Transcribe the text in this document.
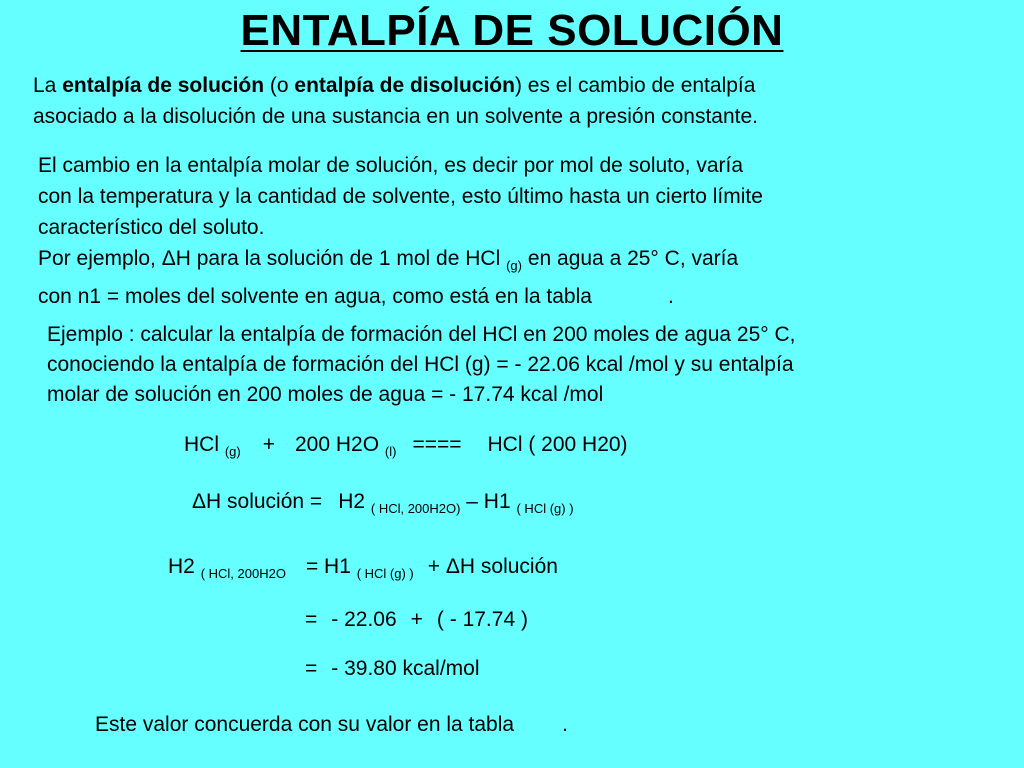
ENTALPÍA DE SOLUCIÓN
La entalpía de solución (o entalpía de disolución) es el cambio de entalpía
asociado a la disolución de una sustancia en un solvente a presión constante.
El cambio en la entalpía molar de solución, es decir por mol de soluto, varía
con la temperatura y la cantidad de solvente, esto último hasta un cierto límite
característico del soluto.
Por ejemplo, ΔH para la solución de 1 mol de HCl $_{(g)}$ en agua a 25° C, varía
con n1 = moles del solvente en agua, como está en la tabla	.
Ejemplo : calcular la entalpía de formación del HCl en 200 moles de agua 25° C,
conociendo la entalpía de formación del HCl (g) = - 22.06 kcal /mol y su entalpía
molar de solución en 200 moles de agua = - 17.74 kcal /mol
HCl $_{(g)}$ + 200 H2O $_{(l)}$ ==== HCl ( 200 H20)
ΔH solución = H2 $_{( HCl, 200H2O)}$ – H1 $_{( HCl (g) )}$
H2 $_{( HCl, 200H2O}$ = H1 $_{( HCl (g) )}$ + ΔH solución
= - 22.06 + ( - 17.74 )
= - 39.80 kcal/mol
Este valor concuerda con su valor en la tabla .
